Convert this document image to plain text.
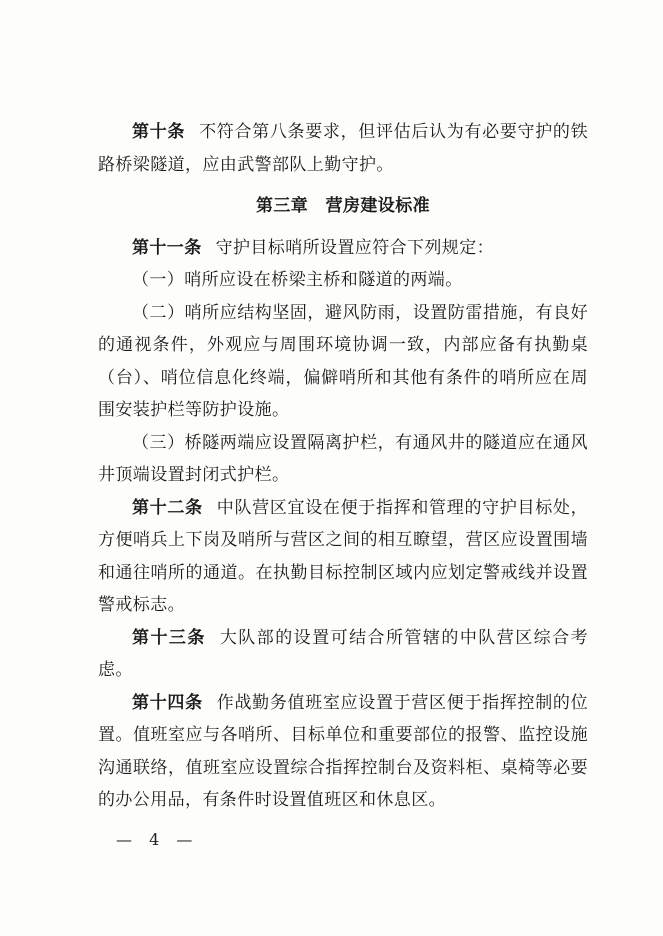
第十条 不符合第八条要求，但评估后认为有必要守护的铁路桥梁隧道，应由武警部队上勤守护。

第三章　营房建设标准

第十一条 守护目标哨所设置应符合下列规定：

（一）哨所应设在桥梁主桥和隧道的两端。

（二）哨所应结构坚固，避风防雨，设置防雷措施，有良好的通视条件，外观应与周围环境协调一致，内部应备有执勤桌（台）、哨位信息化终端，偏僻哨所和其他有条件的哨所应在周围安装护栏等防护设施。

（三）桥隧两端应设置隔离护栏，有通风井的隧道应在通风井顶端设置封闭式护栏。

第十二条 中队营区宜设在便于指挥和管理的守护目标处，方便哨兵上下岗及哨所与营区之间的相互瞭望，营区应设置围墙和通往哨所的通道。在执勤目标控制区域内应划定警戒线并设置警戒标志。

第十三条 大队部的设置可结合所管辖的中队营区综合考虑。

第十四条 作战勤务值班室应设置于营区便于指挥控制的位置。值班室应与各哨所、目标单位和重要部位的报警、监控设施沟通联络，值班室应设置综合指挥控制台及资料柜、桌椅等必要的办公用品，有条件时设置值班区和休息区。

— 4 —
